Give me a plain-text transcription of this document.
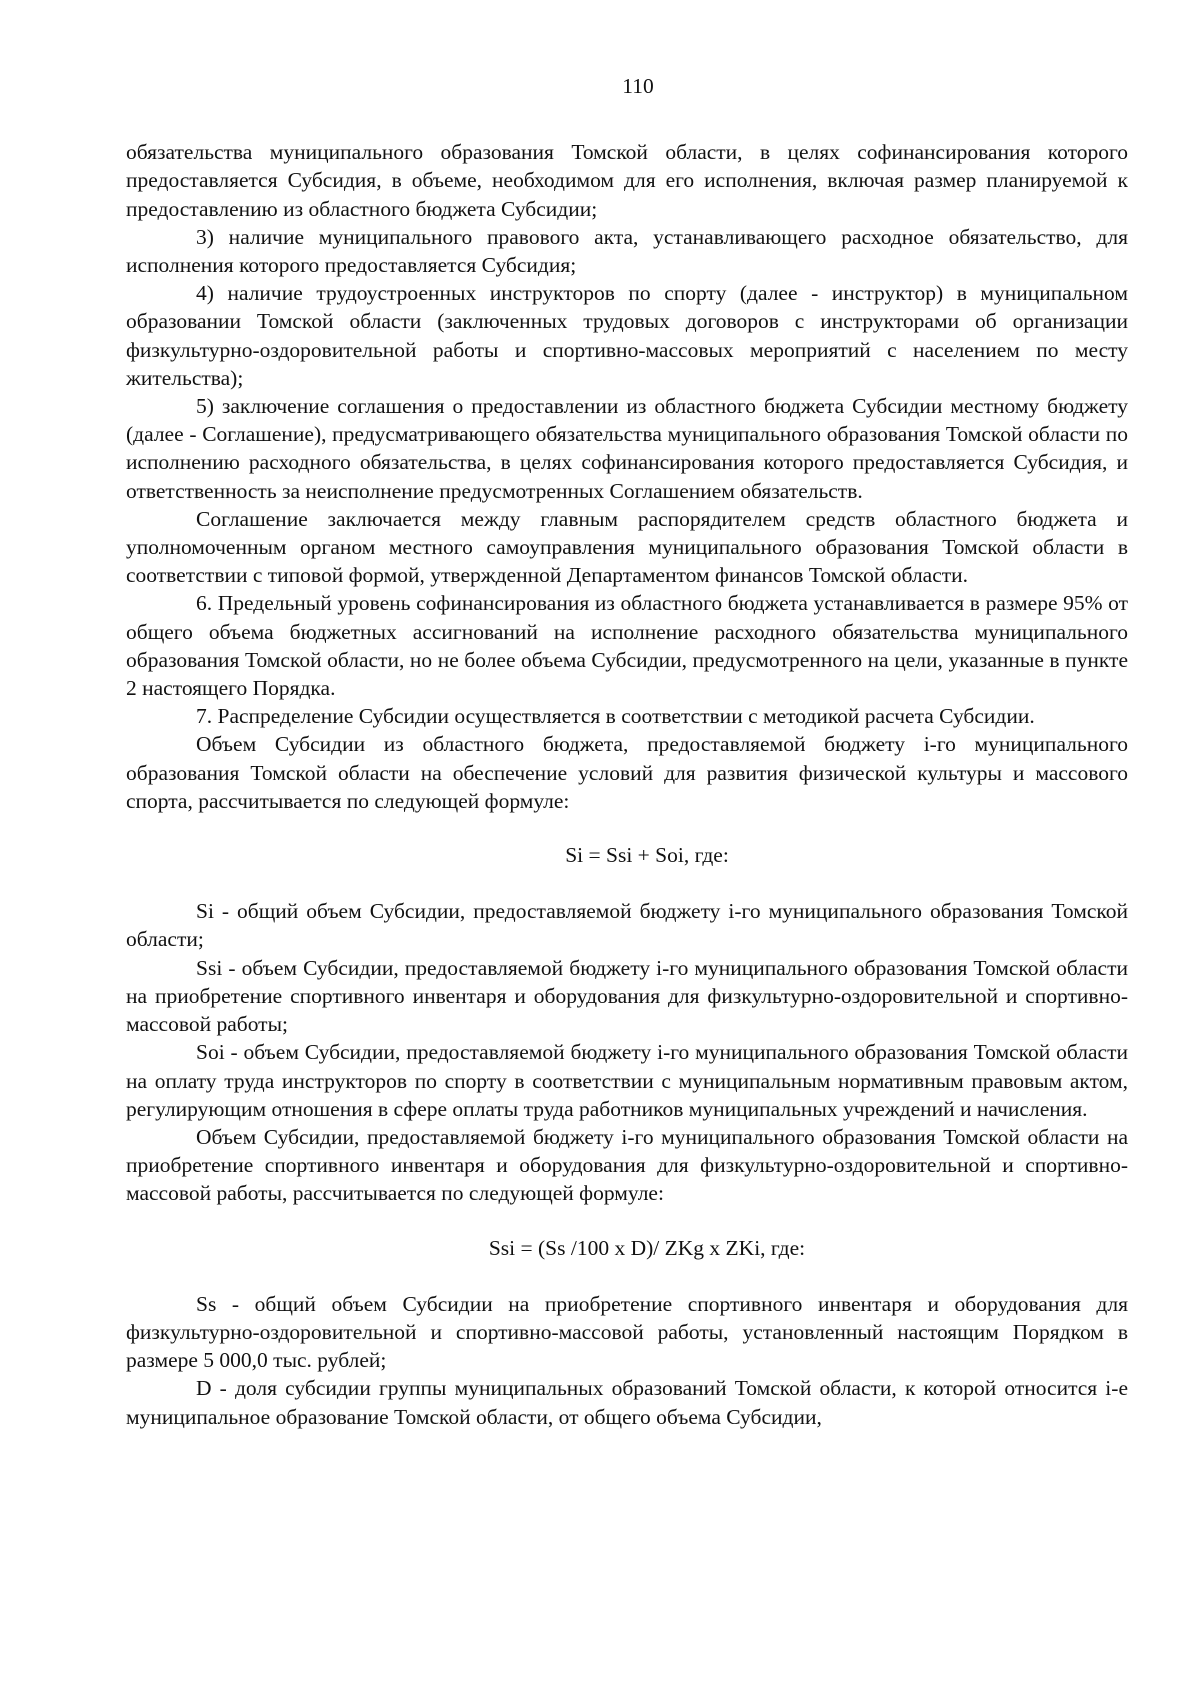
110

обязательства муниципального образования Томской области, в целях софинансирования которого предоставляется Субсидия, в объеме, необходимом для его исполнения, включая размер планируемой к предоставлению из областного бюджета Субсидии;

3) наличие муниципального правового акта, устанавливающего расходное обязательство, для исполнения которого предоставляется Субсидия;

4) наличие трудоустроенных инструкторов по спорту (далее - инструктор) в муниципальном образовании Томской области (заключенных трудовых договоров с инструкторами об организации физкультурно-оздоровительной работы и спортивно-массовых мероприятий с населением по месту жительства);

5) заключение соглашения о предоставлении из областного бюджета Субсидии местному бюджету (далее - Соглашение), предусматривающего обязательства муниципального образования Томской области по исполнению расходного обязательства, в целях софинансирования которого предоставляется Субсидия, и ответственность за неисполнение предусмотренных Соглашением обязательств.

Соглашение заключается между главным распорядителем средств областного бюджета и уполномоченным органом местного самоуправления муниципального образования Томской области в соответствии с типовой формой, утвержденной Департаментом финансов Томской области.

6. Предельный уровень софинансирования из областного бюджета устанавливается в размере 95% от общего объема бюджетных ассигнований на исполнение расходного обязательства муниципального образования Томской области, но не более объема Субсидии, предусмотренного на цели, указанные в пункте 2 настоящего Порядка.

7. Распределение Субсидии осуществляется в соответствии с методикой расчета Субсидии.

Объем Субсидии из областного бюджета, предоставляемой бюджету i-го муниципального образования Томской области на обеспечение условий для развития физической культуры и массового спорта, рассчитывается по следующей формуле:

Si = Ssi + Soi, где:

Si - общий объем Субсидии, предоставляемой бюджету i-го муниципального образования Томской области;

Ssi - объем Субсидии, предоставляемой бюджету i-го муниципального образования Томской области на приобретение спортивного инвентаря и оборудования для физкультурно-оздоровительной и спортивно-массовой работы;

Soi - объем Субсидии, предоставляемой бюджету i-го муниципального образования Томской области на оплату труда инструкторов по спорту в соответствии с муниципальным нормативным правовым актом, регулирующим отношения в сфере оплаты труда работников муниципальных учреждений и начисления.

Объем Субсидии, предоставляемой бюджету i-го муниципального образования Томской области на приобретение спортивного инвентаря и оборудования для физкультурно-оздоровительной и спортивно-массовой работы, рассчитывается по следующей формуле:

Ssi = (Ss /100 x D)/ ZKg x ZKi, где:

Ss - общий объем Субсидии на приобретение спортивного инвентаря и оборудования для физкультурно-оздоровительной и спортивно-массовой работы, установленный настоящим Порядком в размере 5 000,0 тыс. рублей;

D - доля субсидии группы муниципальных образований Томской области, к которой относится i-е муниципальное образование Томской области, от общего объема Субсидии,
